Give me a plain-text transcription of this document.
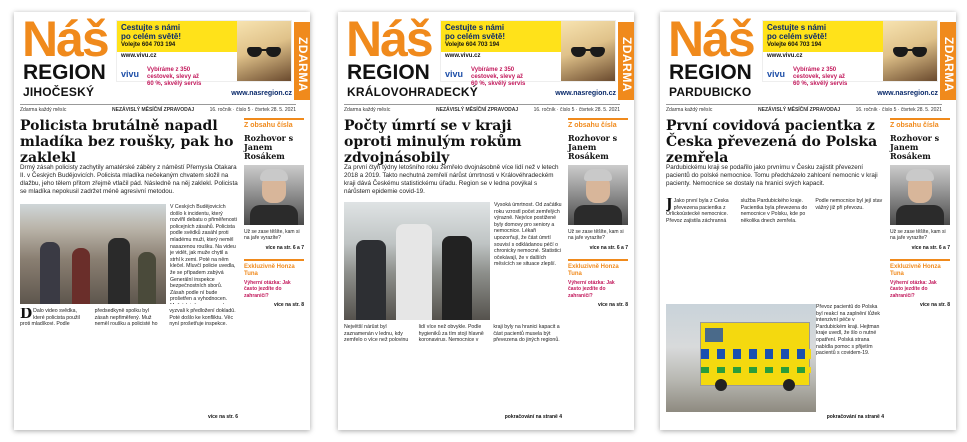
Náš
REGION
JIHOČESKÝ
Cestujte s námi
po celém světě!
Volejte 604 703 194
www.vivu.cz
vivu Vybíráme z 350 cestovek, slevy až 60 %, skvělý servis	ZDARMA
www.nasregion.cz
Zdarma každý měsíc	NEZÁVISLÝ MĚSÍČNÍ ZPRAVODAJ	16. ročník · číslo 5 · čtvrtek 28. 5. 2021
Policista brutálně napadl mladíka bez roušky, pak ho zaklekl
Drmý zásah policisty zachytily amatérské záběry z náměstí Přemysla Otakara II. v Českých Budějovicích. Policista mladíka nečekaným chvatem složil na dlažbu, jeho tělem přitom zřejmě vtlačil pád. Následně na něj zaklekl. Policista se mladíka nepokusil zadržet méně agresivní metodou.
V Českých Budějovicích došlo k incidentu, který rozvířil debatu o přiměřenosti policejních zásahů. Policista podle svědků zasáhl proti mladému muži, který neměl nasazenou roušku. Na videu je vidět, jak muže chytil a strhl k zemi. Poté na něm klečel. Mluvčí policie uvedla, že se případem zabývá Generální inspekce bezpečnostních sborů. Zásah podle ní bude prošetřen a vyhodnocen.
D Dalo video svědka, které policista použil proti mladíkovi. Podle předsedkyně spolku byl zásah nepřiměřený. Muž neměl roušku a policisté ho vyzvali k předložení dokladů. Poté došlo ke konfliktu. Věc nyní prošetřuje inspekce.
více na str. 6
Z obsahu čísla
Rozhovor s Janem Rosákem
Už se zase těšíte, kam si na jaře vyrazíte?
více na str. 6 a 7
Exkluzivně Honza Tuna
Výherní otázka: Jak často jezdíte do zahraničí?
více na str. 8
Náš
REGION
KRÁLOVOHRADECKÝ
Cestujte s námi
po celém světě!
Volejte 604 703 194
www.vivu.cz
vivu Vybíráme z 350 cestovek, slevy až 60 %, skvělý servis	ZDARMA
www.nasregion.cz
Zdarma každý měsíc	NEZÁVISLÝ MĚSÍČNÍ ZPRAVODAJ	16. ročník · číslo 5 · čtvrtek 28. 5. 2021
Počty úmrtí se v kraji oproti minulým rokům zdvojnásobily
Za první čtyři týdny letošního roku zemřelo dvojnásobně více lidí než v letech 2018 a 2019. Takto nechutná zemřelí nárůst úmrtnosti v Královéhradeckém kraji dává Českému statistickému úřadu. Region se v ledna povýkal s nárůstem epidemie covid-19.
Vysoká úmrtnost. Od začátku roku vzrostl počet zemřelých výrazně. Nejvíce postižené byly domovy pro seniory a nemocnice. Lékaři upozorňují, že část úmrtí souvisí s odkládanou péčí o chronicky nemocné. Statistici očekávají, že v dalších měsících se situace zlepší.
Největší nárůst byl zaznamenán v lednu, kdy zemřelo o více než polovinu lidí více než obvykle. Podle hygieniků za tím stojí hlavně koronavirus. Nemocnice v kraji byly na hranici kapacit a část pacientů musela být převezena do jiných regionů.
pokračování na straně 4
Z obsahu čísla
Rozhovor s Janem Rosákem
Už se zase těšíte, kam si na jaře vyrazíte?
více na str. 6 a 7
Exkluzivně Honza Tuna
Výherní otázka: Jak často jezdíte do zahraničí?
více na str. 8
Náš
REGION
PARDUBICKO
Cestujte s námi
po celém světě!
Volejte 604 703 194
www.vivu.cz
vivu Vybíráme z 350 cestovek, slevy až 60 %, skvělý servis	ZDARMA
www.nasregion.cz
Zdarma každý měsíc	NEZÁVISLÝ MĚSÍČNÍ ZPRAVODAJ	16. ročník · číslo 5 · čtvrtek 28. 5. 2021
První covidová pacientka z Česka převezená do Polska zemřela
Pardubickému kraji se podařilo jako prvnímu v Česku zajistit převezení pacientů do polské nemocnice. Tomu předcházelo zahlcení nemocnic v kraji pacienty. Nemocnice se dostaly na hranici svých kapacit.
J Jako první byla z Česka převezena pacientka z Orlickoústecké nemocnice. Převoz zajistila záchranná služba Pardubického kraje. Pacientka byla převezena do nemocnice v Polsku, kde po několika dnech zemřela. Podle nemocnice byl její stav vážný již při převozu.
Převoz pacientů do Polska byl reakcí na zaplnění lůžek intenzivní péče v Pardubickém kraji. Hejtman kraje uvedl, že šlo o nutné opatření. Polská strana nabídla pomoc s přijetím pacientů s covidem-19.
pokračování na straně 4
Z obsahu čísla
Rozhovor s Janem Rosákem
Už se zase těšíte, kam si na jaře vyrazíte?
více na str. 6 a 7
Exkluzivně Honza Tuna
Výherní otázka: Jak často jezdíte do zahraničí?
více na str. 8
